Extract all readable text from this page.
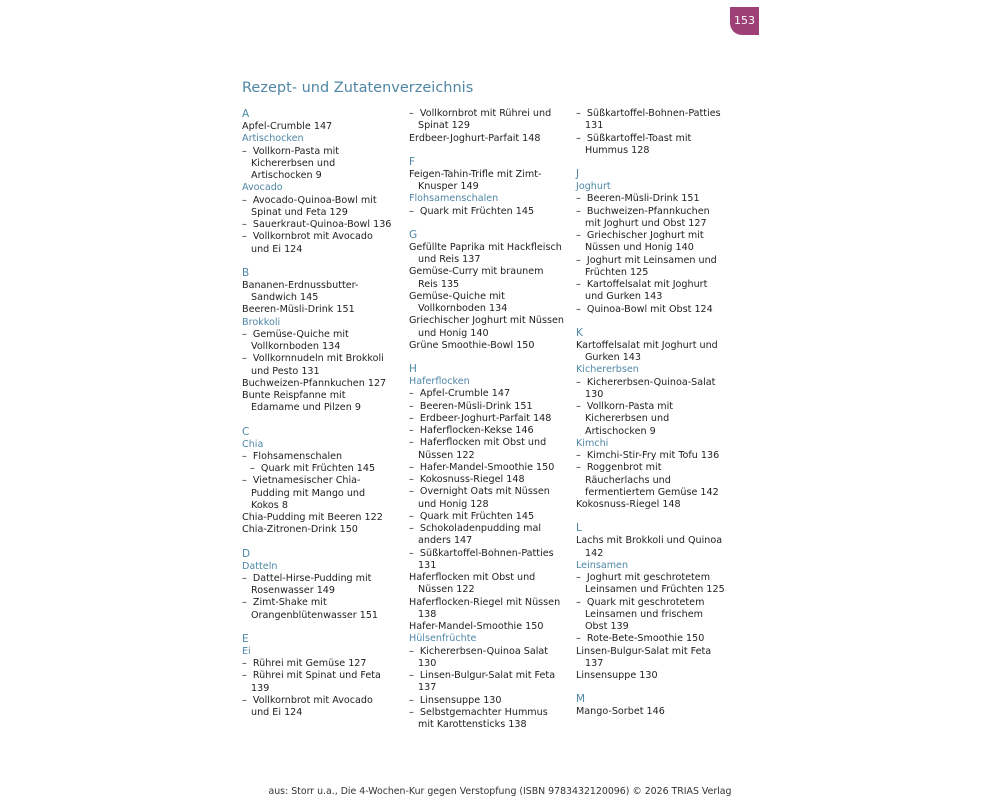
153
Rezept- und Zutatenverzeichnis
A
Apfel-Crumble 147
Artischocken
–  Vollkorn-Pasta mit Kichererbsen und Artischocken 9
Avocado
–  Avocado-Quinoa-Bowl mit Spinat und Feta 129
–  Sauerkraut-Quinoa-Bowl 136
–  Vollkornbrot mit Avocado und Ei 124
B
Bananen-Erdnussbutter-Sandwich 145
Beeren-Müsli-Drink 151
Brokkoli
–  Gemüse-Quiche mit Vollkornboden 134
–  Vollkornnudeln mit Brokkoli und Pesto 131
Buchweizen-Pfannkuchen 127
Bunte Reispfanne mit Edamame und Pilzen 9
C
Chia
–  Flohsamenschalen
–  Quark mit Früchten 145
–  Vietnamesischer Chia-Pudding mit Mango und Kokos 8
Chia-Pudding mit Beeren 122
Chia-Zitronen-Drink 150
D
Datteln
–  Dattel-Hirse-Pudding mit Rosenwasser 149
–  Zimt-Shake mit Orangenblütenwasser 151
E
Ei
–  Rührei mit Gemüse 127
–  Rührei mit Spinat und Feta 139
–  Vollkornbrot mit Avocado und Ei 124
–  Vollkornbrot mit Rührei und Spinat 129
Erdbeer-Joghurt-Parfait 148
F
Feigen-Tahin-Trifle mit Zimt-Knusper 149
Flohsamenschalen
–  Quark mit Früchten 145
G
Gefüllte Paprika mit Hackfleisch und Reis 137
Gemüse-Curry mit braunem Reis 135
Gemüse-Quiche mit Vollkornboden 134
Griechischer Joghurt mit Nüssen und Honig 140
Grüne Smoothie-Bowl 150
H
Haferflocken
–  Apfel-Crumble 147
–  Beeren-Müsli-Drink 151
–  Erdbeer-Joghurt-Parfait 148
–  Haferflocken-Kekse 146
–  Haferflocken mit Obst und Nüssen 122
–  Hafer-Mandel-Smoothie 150
–  Kokosnuss-Riegel 148
–  Overnight Oats mit Nüssen und Honig 128
–  Quark mit Früchten 145
–  Schokoladenpudding mal anders 147
–  Süßkartoffel-Bohnen-Patties 131
Haferflocken mit Obst und Nüssen 122
Haferflocken-Riegel mit Nüssen 138
Hafer-Mandel-Smoothie 150
Hülsenfrüchte
–  Kichererbsen-Quinoa Salat 130
–  Linsen-Bulgur-Salat mit Feta 137
–  Linsensuppe 130
–  Selbstgemachter Hummus mit Karottensticks 138
–  Süßkartoffel-Bohnen-Patties 131
–  Süßkartoffel-Toast mit Hummus 128
J
Joghurt
–  Beeren-Müsli-Drink 151
–  Buchweizen-Pfannkuchen mit Joghurt und Obst 127
–  Griechischer Joghurt mit Nüssen und Honig 140
–  Joghurt mit Leinsamen und Früchten 125
–  Kartoffelsalat mit Joghurt und Gurken 143
–  Quinoa-Bowl mit Obst 124
K
Kartoffelsalat mit Joghurt und Gurken 143
Kichererbsen
–  Kichererbsen-Quinoa-Salat 130
–  Vollkorn-Pasta mit Kichererbsen und Artischocken 9
Kimchi
–  Kimchi-Stir-Fry mit Tofu 136
–  Roggenbrot mit Räucherlachs und fermentiertem Gemüse 142
Kokosnuss-Riegel 148
L
Lachs mit Brokkoli und Quinoa 142
Leinsamen
–  Joghurt mit geschrotetem Leinsamen und Früchten 125
–  Quark mit geschrotetem Leinsamen und frischem Obst 139
–  Rote-Bete-Smoothie 150
Linsen-Bulgur-Salat mit Feta 137
Linsensuppe 130
M
Mango-Sorbet 146
aus: Storr u.a., Die 4-Wochen-Kur gegen Verstopfung (ISBN 9783432120096) © 2026 TRIAS Verlag
